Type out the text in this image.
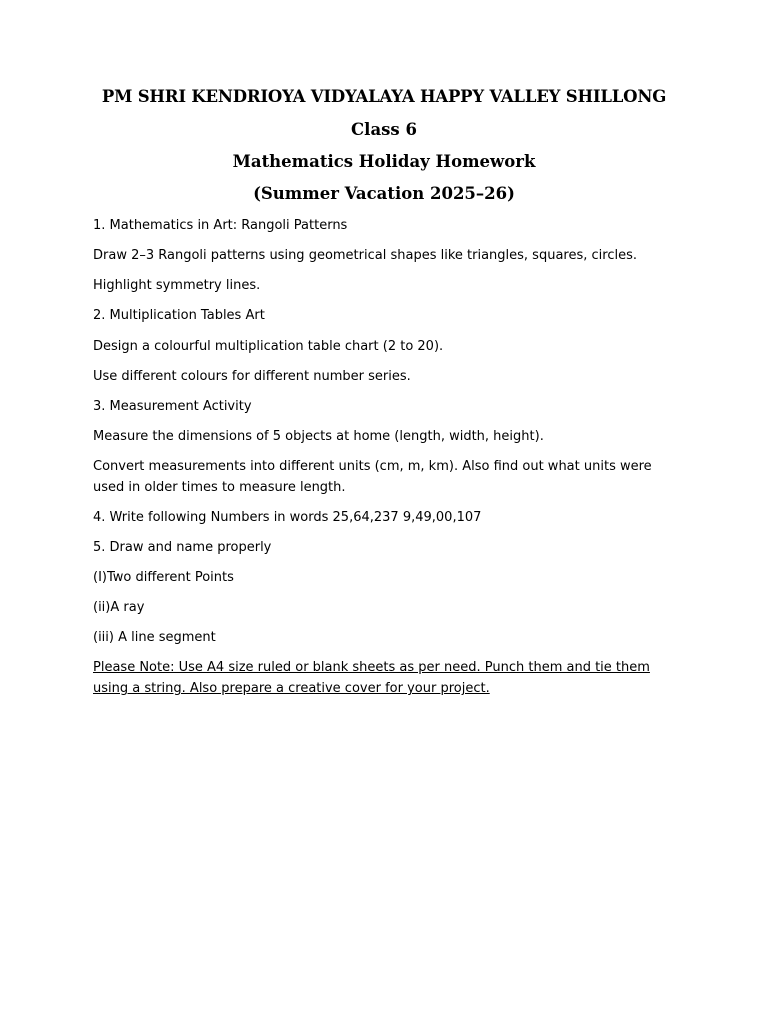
PM SHRI KENDRIOYA VIDYALAYA HAPPY VALLEY SHILLONG
Class 6
Mathematics Holiday Homework
(Summer Vacation 2025–26)
1. Mathematics in Art: Rangoli Patterns
Draw 2–3 Rangoli patterns using geometrical shapes like triangles, squares, circles.
Highlight symmetry lines.
2. Multiplication Tables Art
Design a colourful multiplication table chart (2 to 20).
Use different colours for different number series.
3. Measurement Activity
Measure the dimensions of 5 objects at home (length, width, height).
Convert measurements into different units (cm, m, km). Also find out what units were used in older times to measure length.
4. Write following Numbers in words 25,64,237 9,49,00,107
5. Draw and name properly
(I)Two different Points
(ii)A ray
(iii) A line segment
Please Note: Use A4 size ruled or blank sheets as per need. Punch them and tie them using a string. Also prepare a creative cover for your project.
